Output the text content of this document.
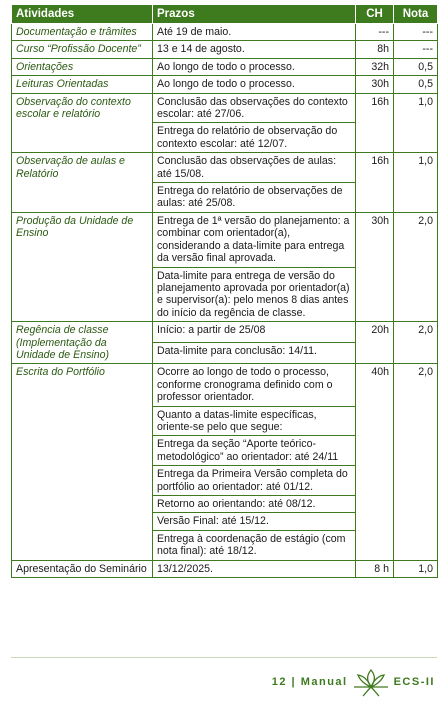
Atividades	Prazos	CH	Nota
Documentação e trâmites	Até 19 de maio.	---	---
Curso “Profissão Docente”	13 e 14 de agosto.	8h	---
Orientações	Ao longo de todo o processo.	32h	0,5
Leituras Orientadas	Ao longo de todo o processo.	30h	0,5
Observação do contexto escolar e relatório	Conclusão das observações do contexto escolar: até 27/06.	16h	1,0
	Entrega do relatório de observação do contexto escolar: até 12/07.		
Observação de aulas e Relatório	Conclusão das observações de aulas: até 15/08.	16h	1,0
	Entrega do relatório de observações de aulas: até 25/08.		
Produção da Unidade de Ensino	Entrega de 1ª versão do planejamento: a combinar com orientador(a), considerando a data-limite para entrega da versão final aprovada.	30h	2,0
	Data-limite para entrega de versão do planejamento aprovada por orientador(a) e supervisor(a): pelo menos 8 dias antes do início da regência de classe.		
Regência de classe (Implementação da Unidade de Ensino)	Início: a partir de 25/08	20h	2,0
	Data-limite para conclusão: 14/11.		
Escrita do Portfólio	Ocorre ao longo de todo o processo, conforme cronograma definido com o professor orientador.	40h	2,0
	Quanto a datas-limite específicas, oriente-se pelo que segue:		
	Entrega da seção “Aporte teórico-metodológico” ao orientador: até 24/11		
	Entrega da Primeira Versão completa do portfólio ao orientador: até 01/12.		
	Retorno ao orientando: até 08/12.		
	Versão Final: até 15/12.		
	Entrega à coordenação de estágio (com nota final): até 18/12.		
Apresentação do Seminário	13/12/2025.	8 h	1,0
12 | Manual	ECS-II
